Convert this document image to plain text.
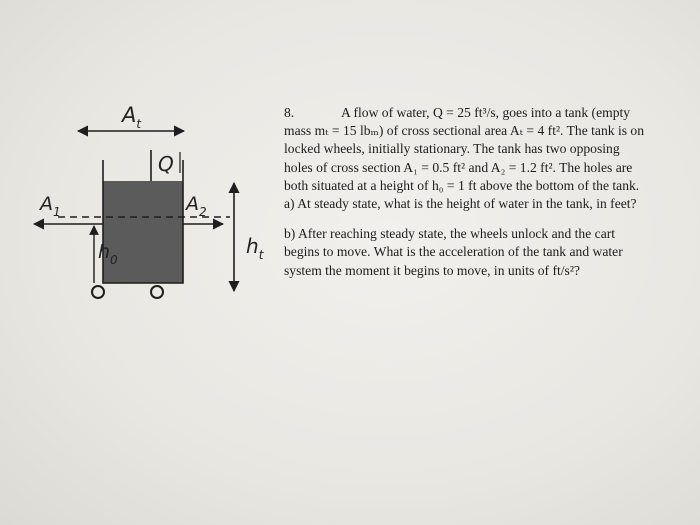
$A_t$
Q
$A_1$	$A_2$
$h_0$
$h_t$
8.	A flow of water, Q = 25 ft³/s, goes into a tank (empty
mass mₜ = 15 lbₘ) of cross sectional area Aₜ = 4 ft². The tank is on
locked wheels, initially stationary. The tank has two opposing
holes of cross section A₁ = 0.5 ft² and A₂ = 1.2 ft². The holes are
both situated at a height of h₀ = 1 ft above the bottom of the tank.
a) At steady state, what is the height of water in the tank, in feet?
b) After reaching steady state, the wheels unlock and the cart
begins to move. What is the acceleration of the tank and water
system the moment it begins to move, in units of ft/s²?
